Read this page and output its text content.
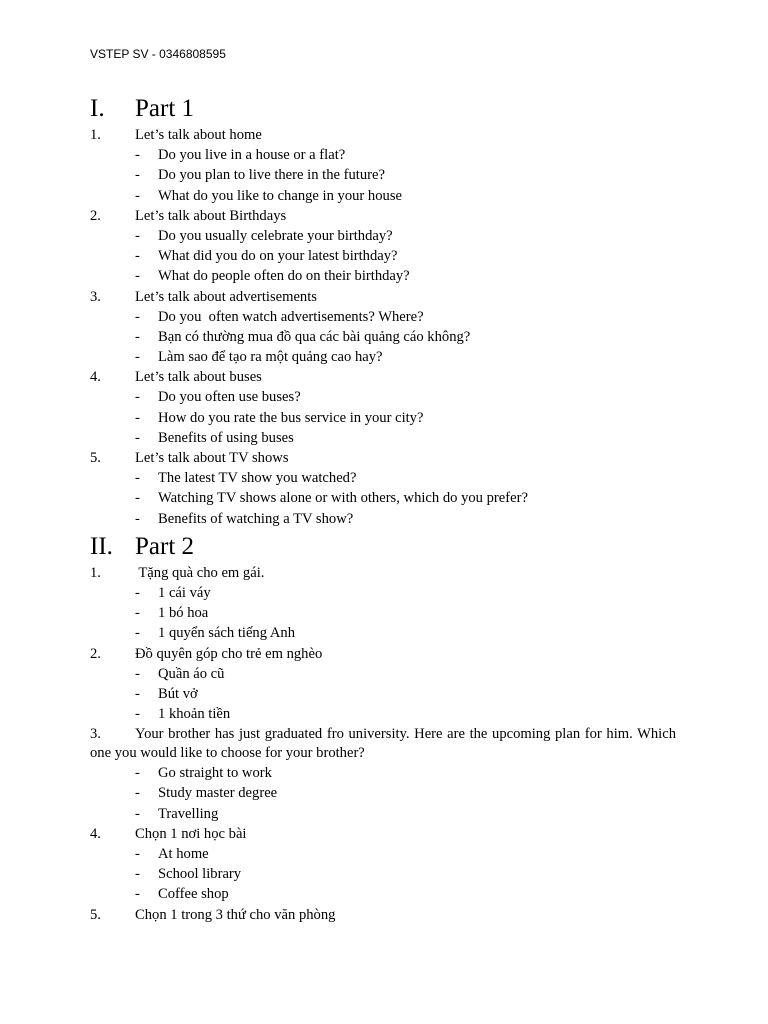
VSTEP SV - 0346808595
I.	Part 1
1.	Let’s talk about home
-	Do you live in a house or a flat?
-	Do you plan to live there in the future?
-	What do you like to change in your house
2.	Let’s talk about Birthdays
-	Do you usually celebrate your birthday?
-	What did you do on your latest birthday?
-	What do people often do on their birthday?
3.	Let’s talk about advertisements
-	Do you  often watch advertisements? Where?
-	Bạn có thường mua đồ qua các bài quảng cáo không?
-	Làm sao để tạo ra một quảng cao hay?
4.	Let’s talk about buses
-	Do you often use buses?
-	How do you rate the bus service in your city?
-	Benefits of using buses
5.	Let’s talk about TV shows
-	The latest TV show you watched?
-	Watching TV shows alone or with others, which do you prefer?
-	Benefits of watching a TV show?
II. Part 2
1.	Tặng quà cho em gái.
-	1 cái váy
-	1 bó hoa
-	1 quyển sách tiếng Anh
2.	Đồ quyên góp cho trẻ em nghèo
-	Quần áo cũ
-	Bút vở
-	1 khoản tiền
3. Your brother has just graduated fro university. Here are the upcoming plan for him. Which one you would like to choose for your brother?
-	Go straight to work
-	Study master degree
-	Travelling
4.	Chọn 1 nơi học bài
-	At home
-	School library
-	Coffee shop
5.	Chọn 1 trong 3 thứ cho văn phòng
